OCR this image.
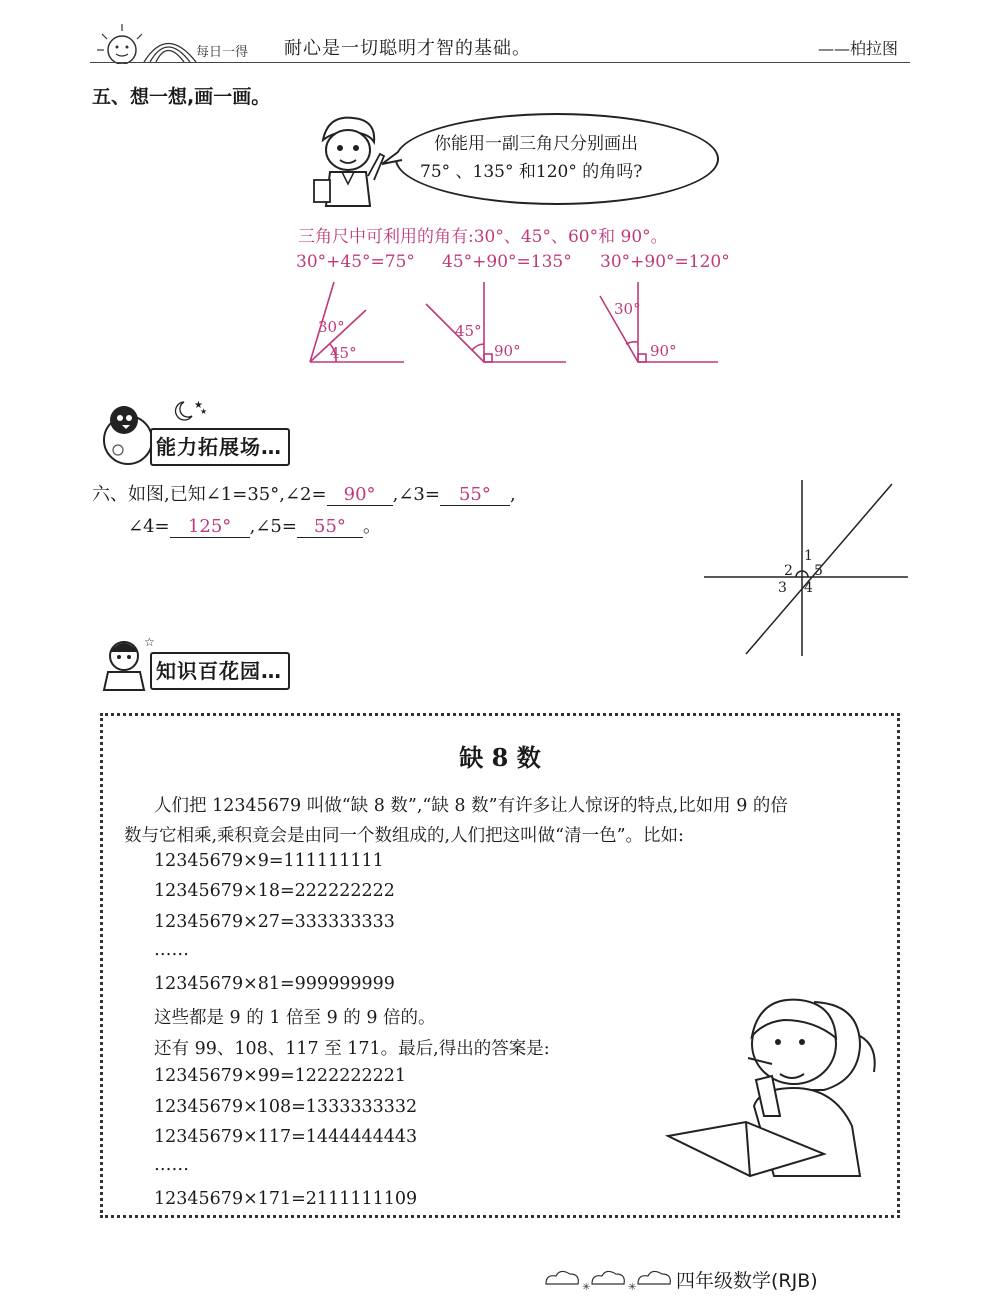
每日一得 耐心是一切聪明才智的基础。	——柏拉图
五、想一想,画一画。
你能用一副三角尺分别画出
75° 、135° 和120° 的角吗?
三角尺中可利用的角有:30°、45°、60°和 90°。
30°+45°=75° 45°+90°=135° 30°+90°=120°
30°
45°
45°
90°
30°
90°
★
★
能力拓展场…
六、如图,已知∠1=35°,∠2= 90° ,∠3= 55° ,
∠4= 125° ,∠5= 55° 。
1
2 5
3 4
☆
知识百花园…
缺 8 数
人们把 12345679 叫做“缺 8 数”,“缺 8 数”有许多让人惊讶的特点,比如用 9 的倍
数与它相乘,乘积竟会是由同一个数组成的,人们把这叫做“清一色”。比如:
12345679×9=111111111
12345679×18=222222222
12345679×27=333333333
……
12345679×81=999999999
这些都是 9 的 1 倍至 9 的 9 倍的。
还有 99、108、117 至 171。最后,得出的答案是:
12345679×99=1222222221
12345679×108=1333333332
12345679×117=1444444443
……
12345679×171=2111111109
✳	✳ 四年级数学(RJB)
